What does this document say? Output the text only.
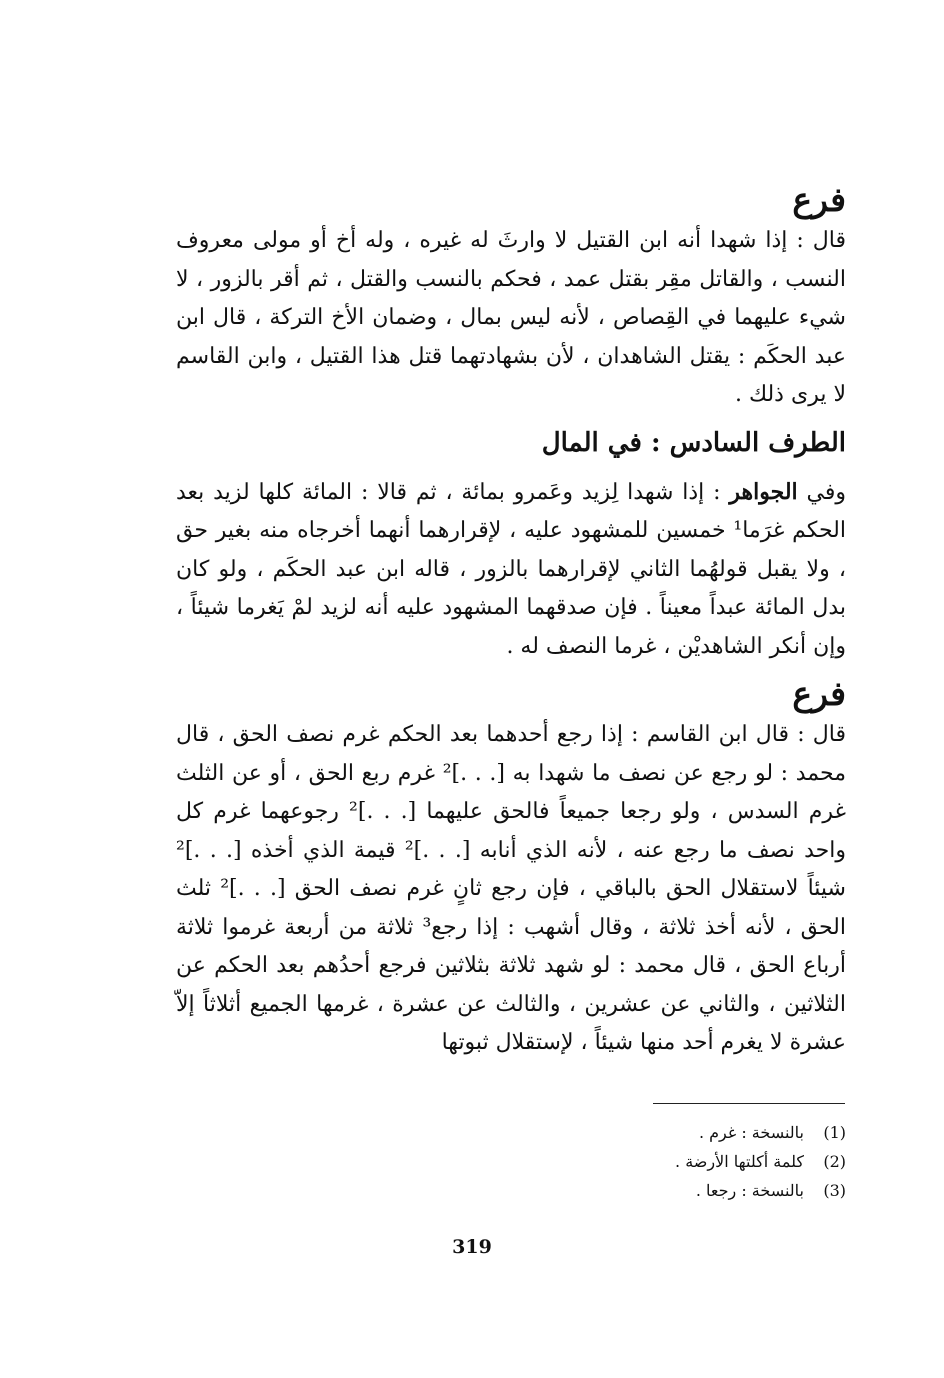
فرع

قال : إذا شهدا أنه ابن القتيل لا وارثَ له غيره ، وله أخ أو مولى معروف النسب ، والقاتل مقِر بقتل عمد ، فحكم بالنسب والقتل ، ثم أقر بالزور ، لا شيء عليهما في القِصاص ، لأنه ليس بمال ، وضمان الأخ التركة ، قال ابن عبد الحكَم : يقتل الشاهدان ، لأن بشهادتهما قتل هذا القتيل ، وابن القاسم لا يرى ذلك .

الطرف السادس : في المال

وفي الجواهر : إذا شهدا لِزيد وعَمرو بمائة ، ثم قالا : المائة كلها لزيد بعد الحكم غرَما¹ خمسين للمشهود عليه ، لإقرارهما أنهما أخرجاه منه بغير حق ، ولا يقبل قولهُما الثاني لإقرارهما بالزور ، قاله ابن عبد الحكَم ، ولو كان بدل المائة عبداً معيناً . فإن صدقهما المشهود عليه أنه لزيد لمْ يَغرما شيئاً ، وإن أنكر الشاهديْن ، غرما النصف له .

فرع

قال : قال ابن القاسم : إذا رجع أحدهما بعد الحكم غرم نصف الحق ، قال محمد : لو رجع عن نصف ما شهدا به [. . .]² غرم ربع الحق ، أو عن الثلث غرم السدس ، ولو رجعا جميعاً فالحق عليهما [. . .]² رجوعهما غرم كل واحد نصف ما رجع عنه ، لأنه الذي أنابه [. . .]² قيمة الذي أخذه [. . .]² شيئاً لاستقلال الحق بالباقي ، فإن رجع ثانٍ غرم نصف الحق [. . .]² ثلث الحق ، لأنه أخذ ثلاثة ، وقال أشهب : إذا رجع³ ثلاثة من أربعة غرموا ثلاثة أرباع الحق ، قال محمد : لو شهد ثلاثة بثلاثين فرجع أحدُهم بعد الحكم عن الثلاثين ، والثاني عن عشرين ، والثالث عن عشرة ، غرمها الجميع أثلاثاً إلاّ عشرة لا يغرم أحد منها شيئاً ، لإستقلال ثبوتها

(1)
بالنسخة : غرم .
(2)
كلمة أكلتها الأرضة .
(3)
بالنسخة : رجعا .
319
